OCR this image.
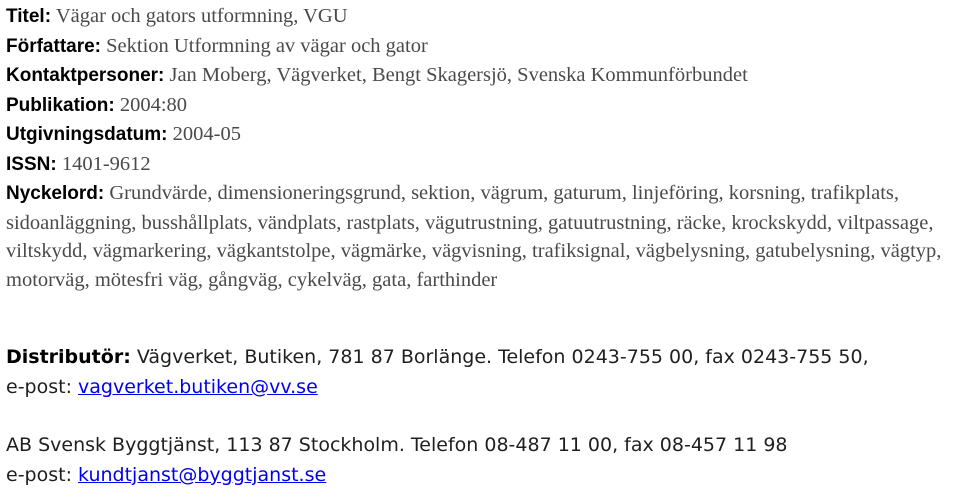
Titel: Vägar och gators utformning, VGU
Författare: Sektion Utformning av vägar och gator
Kontaktpersoner: Jan Moberg, Vägverket, Bengt Skagersjö, Svenska Kommunförbundet
Publikation: 2004:80
Utgivningsdatum: 2004-05
ISSN: 1401-9612
Nyckelord: Grundvärde, dimensioneringsgrund, sektion, vägrum, gaturum, linjeföring, korsning, trafikplats, sidoanläggning, busshållplats, vändplats, rastplats, vägutrustning, gatuutrustning, räcke, krockskydd, viltpassage, viltskydd, vägmarkering, vägkantstolpe, vägmärke, vägvisning, trafiksignal, vägbelysning, gatubelysning, vägtyp, motorväg, mötesfri väg, gångväg, cykelväg, gata, farthinder
Distributör: Vägverket, Butiken, 781 87 Borlänge. Telefon 0243-755 00, fax 0243-755 50,
e-post: vagverket.butiken@vv.se
AB Svensk Byggtjänst, 113 87 Stockholm. Telefon 08-487 11 00, fax 08-457 11 98
e-post: kundtjanst@byggtjanst.se
